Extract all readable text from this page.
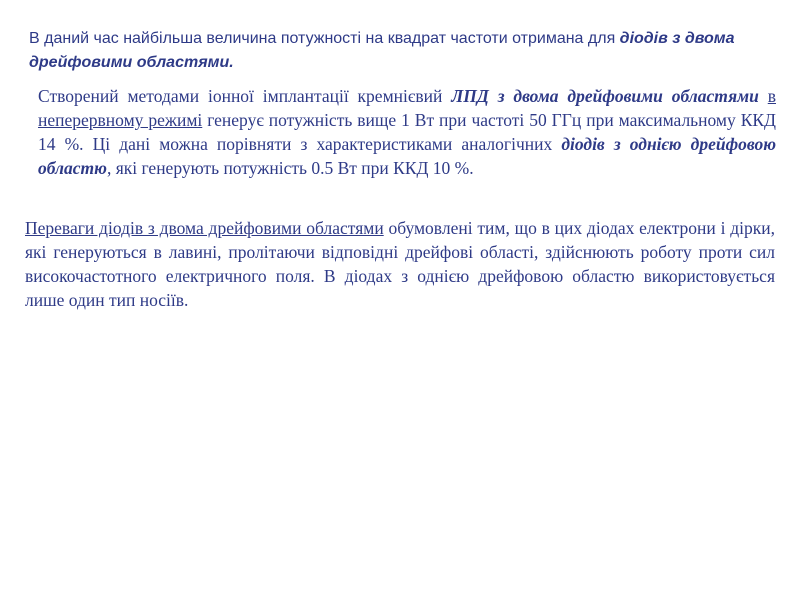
В даний час найбільша величина потужності на квадрат частоти отримана для діодів з двома дрейфовими областями.

Створений методами іонної імплантації кремнієвий ЛПД з двома дрейфовими областями в неперервному режимі генерує потужність вище 1 Вт при частоті 50 ГГц при максимальному ККД 14 %. Ці дані можна порівняти з характеристиками аналогічних діодів з однією дрейфовою областю, які генерують потужність 0.5 Вт при ККД 10 %.

Переваги діодів з двома дрейфовими областями обумовлені тим, що в цих діодах електрони і дірки, які генеруються в лавині, пролітаючи відповідні дрейфові області, здійснюють роботу проти сил високочастотного електричного поля. В діодах з однією дрейфовою областю використовується лише один тип носіїв.
